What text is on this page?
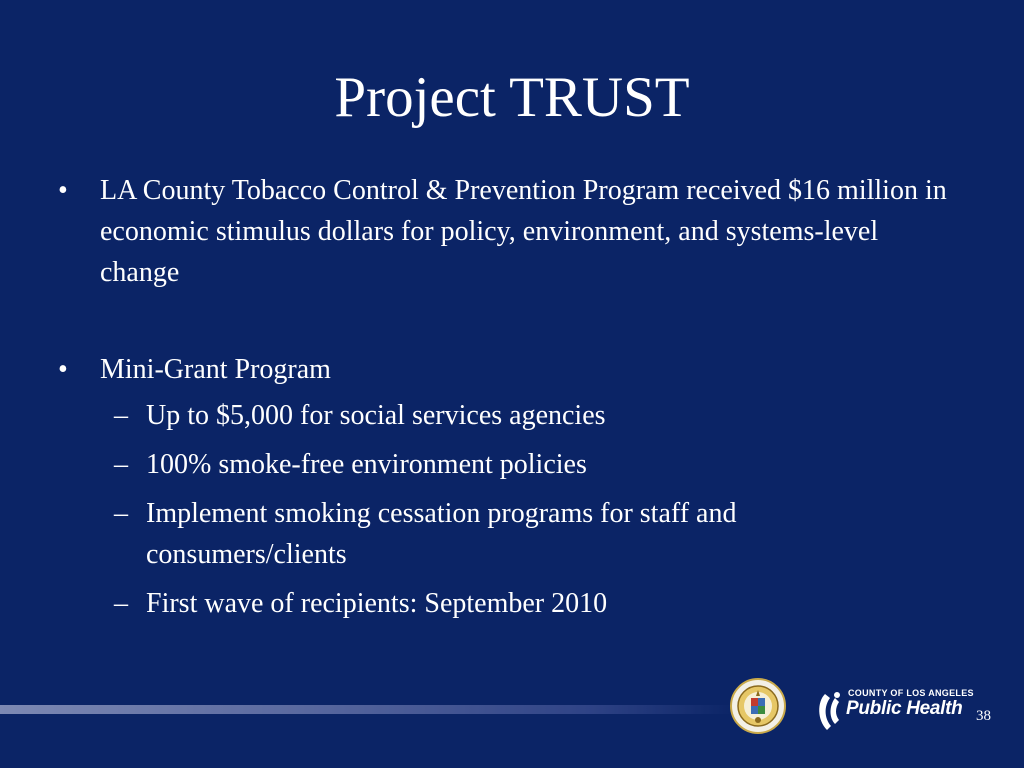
Project TRUST
• LA County Tobacco Control & Prevention Program received $16 million in economic stimulus dollars for policy, environment, and systems-level change
• Mini-Grant Program
– Up to $5,000 for social services agencies
– 100% smoke-free environment policies
– Implement smoking cessation programs for staff and consumers/clients
– First wave of recipients: September 2010
COUNTY OF LOS ANGELES
Public Health 38
